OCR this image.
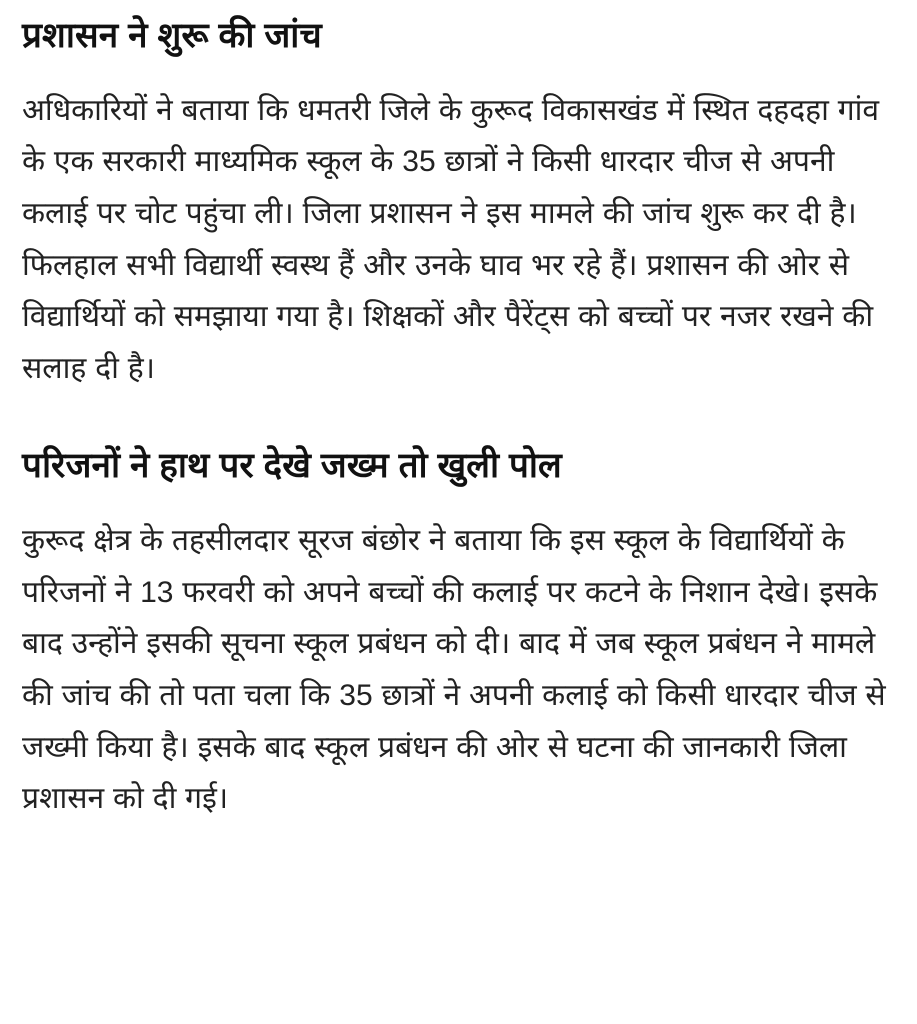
प्रशासन ने शुरू की जांच

अधिकारियों ने बताया कि धमतरी जिले के कुरूद विकासखंड में स्थित दहदहा गांव के एक सरकारी माध्यमिक स्कूल के 35 छात्रों ने किसी धारदार चीज से अपनी कलाई पर चोट पहुंचा ली। जिला प्रशासन ने इस मामले की जांच शुरू कर दी है। फिलहाल सभी विद्यार्थी स्वस्थ हैं और उनके घाव भर रहे हैं। प्रशासन की ओर से विद्यार्थियों को समझाया गया है। शिक्षकों और पैरेंट्स को बच्चों पर नजर रखने की सलाह दी है।

परिजनों ने हाथ पर देखे जख्म तो खुली पोल

कुरूद क्षेत्र के तहसीलदार सूरज बंछोर ने बताया कि इस स्कूल के विद्यार्थियों के परिजनों ने 13 फरवरी को अपने बच्चों की कलाई पर कटने के निशान देखे। इसके बाद उन्होंने इसकी सूचना स्कूल प्रबंधन को दी। बाद में जब स्कूल प्रबंधन ने मामले की जांच की तो पता चला कि 35 छात्रों ने अपनी कलाई को किसी धारदार चीज से जख्मी किया है। इसके बाद स्कूल प्रबंधन की ओर से घटना की जानकारी जिला प्रशासन को दी गई।
